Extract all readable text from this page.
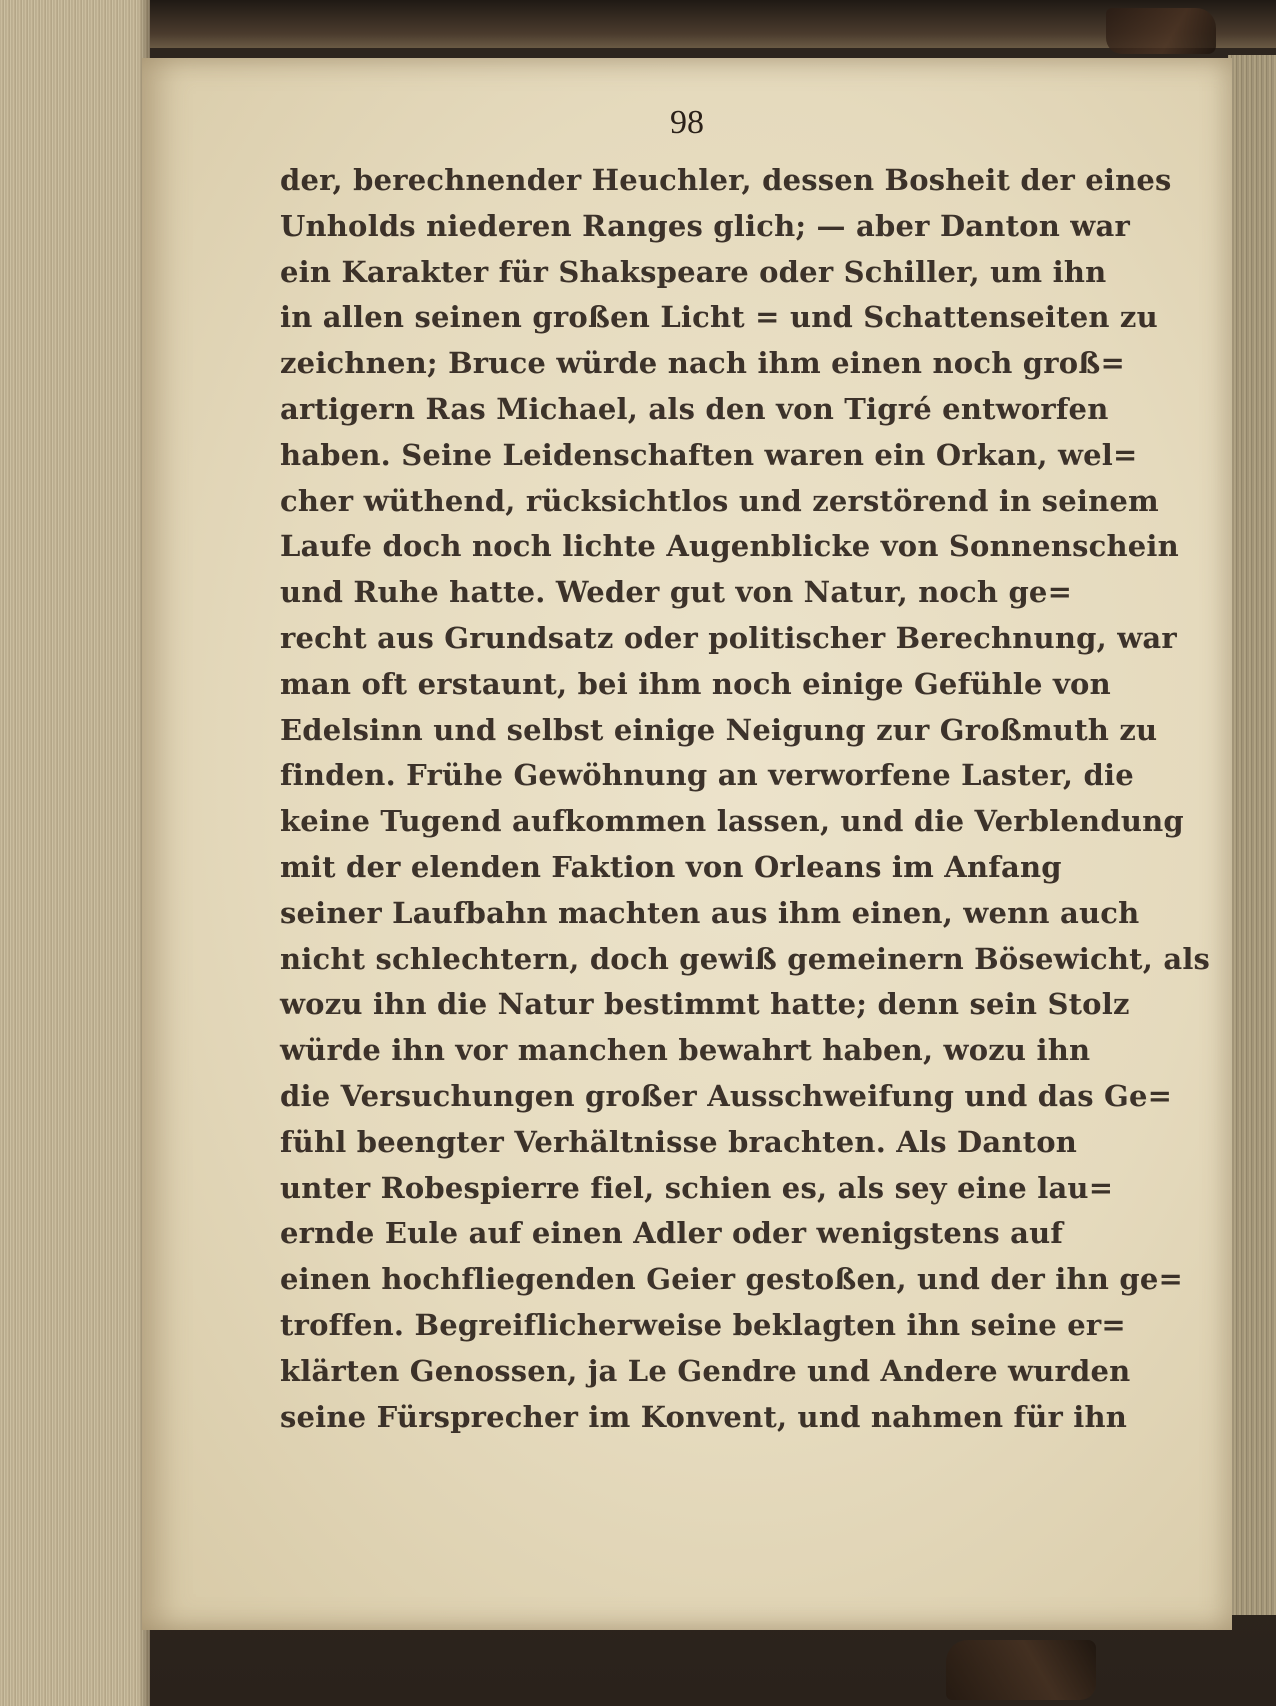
98
der, berechnender Heuchler, dessen Bosheit der eines
Unholds niederen Ranges glich; — aber Danton war
ein Karakter für Shakspeare oder Schiller, um ihn
in allen seinen großen Licht = und Schattenseiten zu
zeichnen; Bruce würde nach ihm einen noch groß=
artigern Ras Michael, als den von Tigré entworfen
haben. Seine Leidenschaften waren ein Orkan, wel=
cher wüthend, rücksichtlos und zerstörend in seinem
Laufe doch noch lichte Augenblicke von Sonnenschein
und Ruhe hatte. Weder gut von Natur, noch ge=
recht aus Grundsatz oder politischer Berechnung, war
man oft erstaunt, bei ihm noch einige Gefühle von
Edelsinn und selbst einige Neigung zur Großmuth zu
finden. Frühe Gewöhnung an verworfene Laster, die
keine Tugend aufkommen lassen, und die Verblendung
mit der elenden Faktion von Orleans im Anfang
seiner Laufbahn machten aus ihm einen, wenn auch
nicht schlechtern, doch gewiß gemeinern Bösewicht, als
wozu ihn die Natur bestimmt hatte; denn sein Stolz
würde ihn vor manchen bewahrt haben, wozu ihn
die Versuchungen großer Ausschweifung und das Ge=
fühl beengter Verhältnisse brachten. Als Danton
unter Robespierre fiel, schien es, als sey eine lau=
ernde Eule auf einen Adler oder wenigstens auf
einen hochfliegenden Geier gestoßen, und der ihn ge=
troffen. Begreiflicherweise beklagten ihn seine er=
klärten Genossen, ja Le Gendre und Andere wurden
seine Fürsprecher im Konvent, und nahmen für ihn
